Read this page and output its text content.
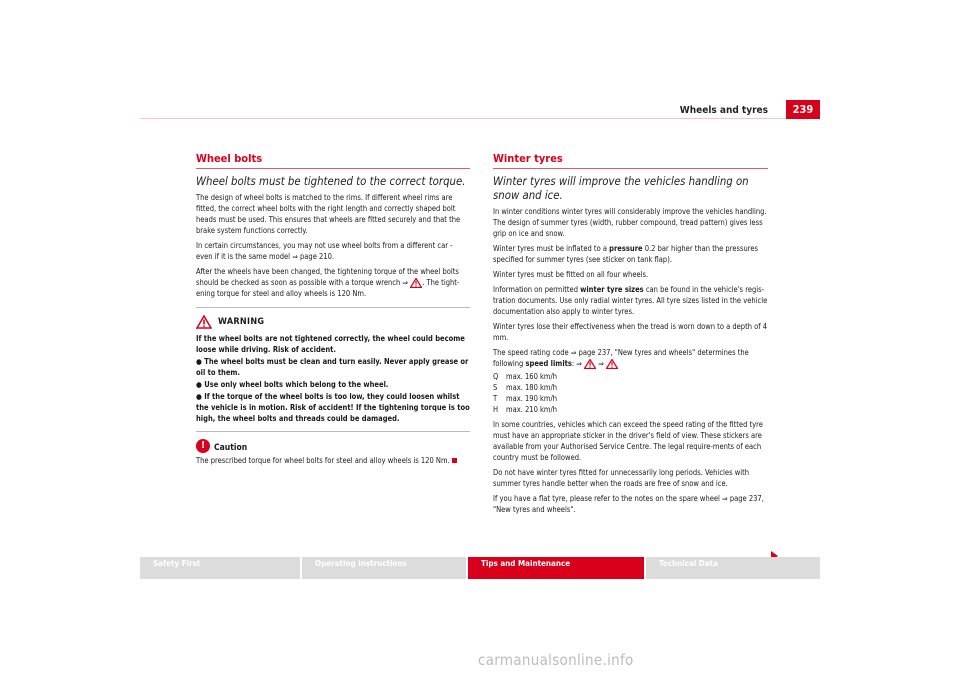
Wheels and tyres	239
Wheel bolts
Wheel bolts must be tightened to the correct torque.

The design of wheel bolts is matched to the rims. If different wheel rims are fitted, the correct wheel bolts with the right length and correctly shaped bolt heads must be used. This ensures that wheels are fitted securely and that the brake system functions correctly.

In certain circumstances, you may not use wheel bolts from a different car - even if it is the same model ⇒ page 210.

After the wheels have been changed, the tightening torque of the wheel bolts should be checked as soon as possible with a torque wrench ⇒ . The tight-ening torque for steel and alloy wheels is 120 Nm.

WARNING

If the wheel bolts are not tightened correctly, the wheel could become loose while driving. Risk of accident.

● The wheel bolts must be clean and turn easily. Never apply grease or oil to them.

● Use only wheel bolts which belong to the wheel.

● If the torque of the wheel bolts is too low, they could loosen whilst the vehicle is in motion. Risk of accident! If the tightening torque is too high, the wheel bolts and threads could be damaged.

!	Caution

The prescribed torque for wheel bolts for steel and alloy wheels is 120 Nm.

Winter tyres
Winter tyres will improve the vehicles handling on snow and ice.

In winter conditions winter tyres will considerably improve the vehicles handling. The design of summer tyres (width, rubber compound, tread pattern) gives less grip on ice and snow.

Winter tyres must be inflated to a pressure 0.2 bar higher than the pressures specified for summer tyres (see sticker on tank flap).

Winter tyres must be fitted on all four wheels.

Information on permitted winter tyre sizes can be found in the vehicle's regis-tration documents. Use only radial winter tyres. All tyre sizes listed in the vehicle documentation also apply to winter tyres.

Winter tyres lose their effectiveness when the tread is worn down to a depth of 4 mm.

The speed rating code ⇒ page 237, "New tyres and wheels" determines the following speed limits: ⇒  ⇒

Q	max. 160 km/h
S	max. 180 km/h
T	max. 190 km/h
H	max. 210 km/h

In some countries, vehicles which can exceed the speed rating of the fitted tyre must have an appropriate sticker in the driver's field of view. These stickers are available from your Authorised Service Centre. The legal require-ments of each country must be followed.

Do not have winter tyres fitted for unnecessarily long periods. Vehicles with summer tyres handle better when the roads are free of snow and ice.

If you have a flat tyre, please refer to the notes on the spare wheel ⇒ page 237, "New tyres and wheels".

Safety First	Operating instructions	Tips and Maintenance	Technical Data
carmanualsonline.info
